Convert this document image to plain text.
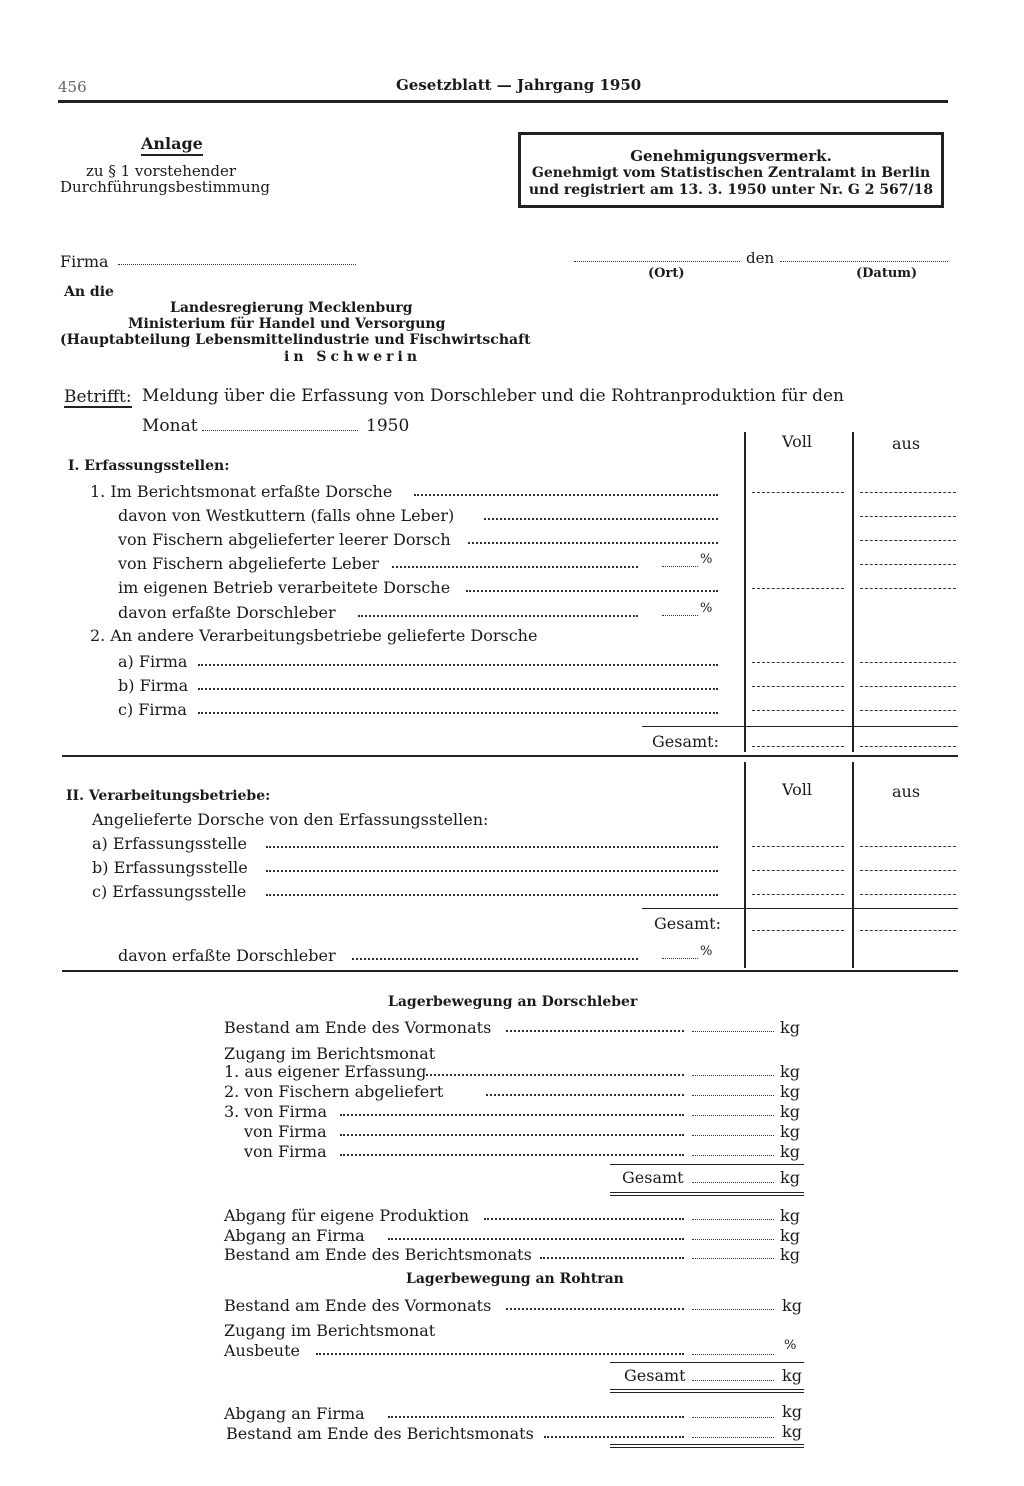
456	Gesetzblatt — Jahrgang 1950
Anlage
zu § 1 vorstehender
Durchführungsbestimmung
Genehmigungsvermerk.
Genehmigt vom Statistischen Zentralamt in Berlin
und registriert am 13. 3. 1950 unter Nr. G 2 567/18
Firma	den
(Ort)	(Datum)
An die
Landesregierung Mecklenburg
Ministerium für Handel und Versorgung
(Hauptabteilung Lebensmittelindustrie und Fischwirtschaft
in Schwerin
Betrifft: Meldung über die Erfassung von Dorschleber und die Rohtranproduktion für den
Monat	1950
Voll	aus
I. Erfassungsstellen:
1. Im Berichtsmonat erfaßte Dorsche
davon von Westkuttern (falls ohne Leber)
von Fischern abgelieferter leerer Dorsch
von Fischern abgelieferte Leber	%
im eigenen Betrieb verarbeitete Dorsche
davon erfaßte Dorschleber	%
2. An andere Verarbeitungsbetriebe gelieferte Dorsche
a) Firma
b) Firma
c) Firma
Gesamt:
Voll	aus
II. Verarbeitungsbetriebe:
Angelieferte Dorsche von den Erfassungsstellen:
a) Erfassungsstelle
b) Erfassungsstelle
c) Erfassungsstelle
Gesamt:
davon erfaßte Dorschleber	%
Lagerbewegung an Dorschleber
Bestand am Ende des Vormonats	kg
Zugang im Berichtsmonat
1. aus eigener Erfassung	kg
2. von Fischern abgeliefert	kg
3. von Firma	kg
von Firma	kg
von Firma	kg
Gesamt	kg
Abgang für eigene Produktion	kg
Abgang an Firma	kg
Bestand am Ende des Berichtsmonats	kg
Lagerbewegung an Rohtran
Bestand am Ende des Vormonats	kg
Zugang im Berichtsmonat
Ausbeute	%
Gesamt	kg
Abgang an Firma	kg
Bestand am Ende des Berichtsmonats	kg
